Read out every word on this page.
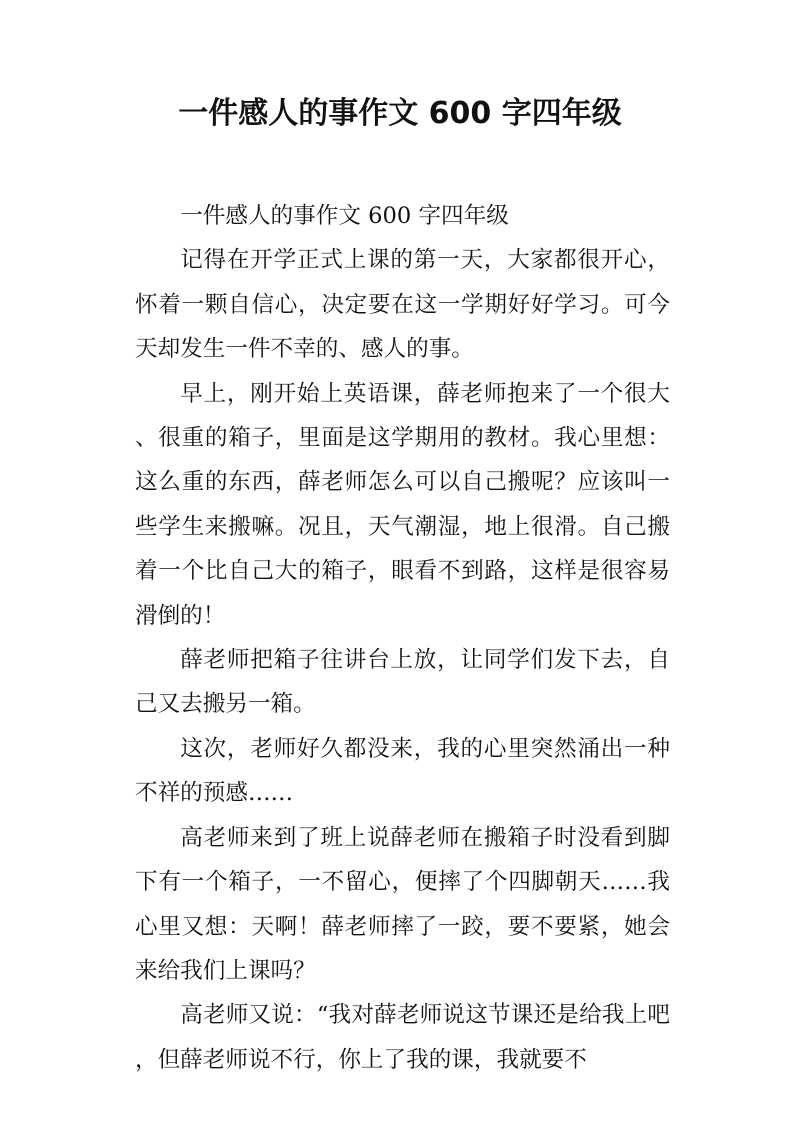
一件感人的事作文 600 字四年级

一件感人的事作文 600 字四年级

记得在开学正式上课的第一天，大家都很开心，怀着一颗自信心，决定要在这一学期好好学习。可今天却发生一件不幸的、感人的事。

早上，刚开始上英语课，薛老师抱来了一个很大、很重的箱子，里面是这学期用的教材。我心里想：这么重的东西，薛老师怎么可以自己搬呢？应该叫一些学生来搬嘛。况且，天气潮湿，地上很滑。自己搬着一个比自己大的箱子，眼看不到路，这样是很容易滑倒的！

薛老师把箱子往讲台上放，让同学们发下去，自己又去搬另一箱。

这次，老师好久都没来，我的心里突然涌出一种不祥的预感……

高老师来到了班上说薛老师在搬箱子时没看到脚下有一个箱子，一不留心，便摔了个四脚朝天……我心里又想：天啊！薛老师摔了一跤，要不要紧，她会来给我们上课吗？

高老师又说：“我对薛老师说这节课还是给我上吧，但薛老师说不行，你上了我的课，我就要不
